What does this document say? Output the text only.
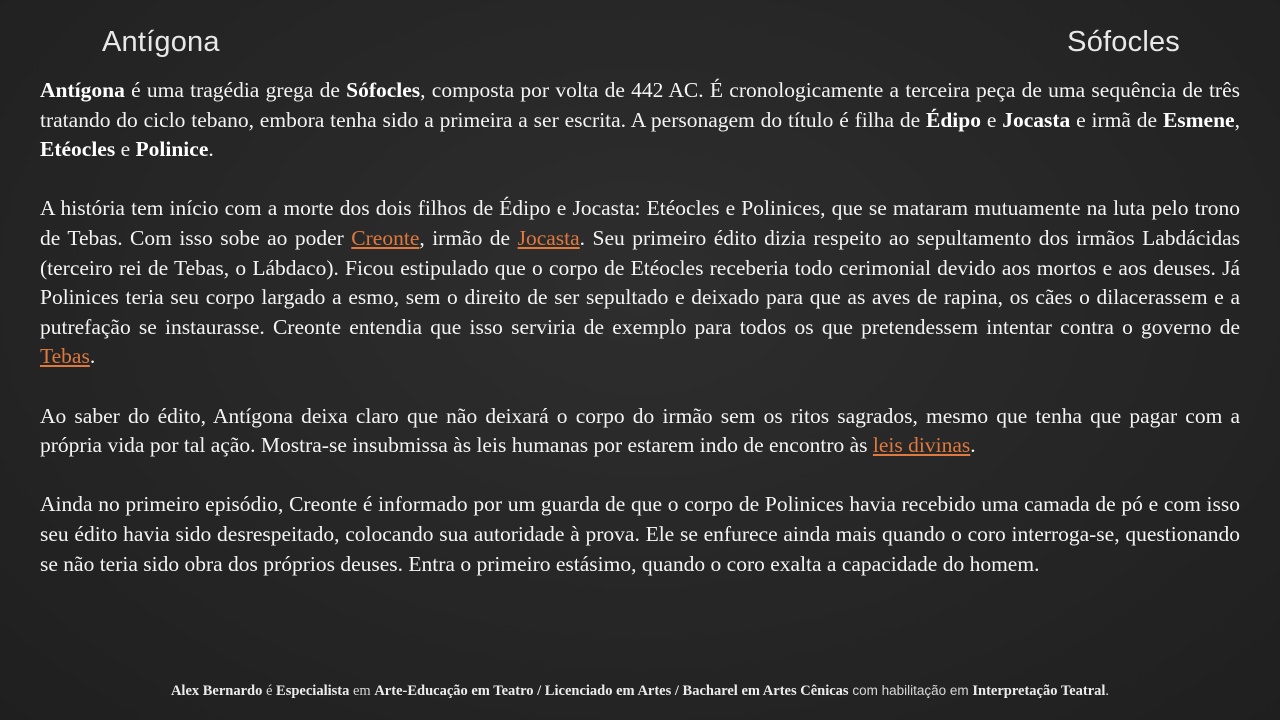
Antígona	Sófocles

Antígona é uma tragédia grega de Sófocles, composta por volta de 442 AC. É cronologicamente a terceira peça de uma sequência de três tratando do ciclo tebano, embora tenha sido a primeira a ser escrita. A personagem do título é filha de Édipo e Jocasta e irmã de Esmene, Etéocles e Polinice.

A história tem início com a morte dos dois filhos de Édipo e Jocasta: Etéocles e Polinices, que se mataram mutuamente na luta pelo trono de Tebas. Com isso sobe ao poder Creonte, irmão de Jocasta. Seu primeiro édito dizia respeito ao sepultamento dos irmãos Labdácidas (terceiro rei de Tebas, o Lábdaco). Ficou estipulado que o corpo de Etéocles receberia todo cerimonial devido aos mortos e aos deuses. Já Polinices teria seu corpo largado a esmo, sem o direito de ser sepultado e deixado para que as aves de rapina, os cães o dilacerassem e a putrefação se instaurasse. Creonte entendia que isso serviria de exemplo para todos os que pretendessem intentar contra o governo de Tebas.

Ao saber do édito, Antígona deixa claro que não deixará o corpo do irmão sem os ritos sagrados, mesmo que tenha que pagar com a própria vida por tal ação. Mostra-se insubmissa às leis humanas por estarem indo de encontro às leis divinas.

Ainda no primeiro episódio, Creonte é informado por um guarda de que o corpo de Polinices havia recebido uma camada de pó e com isso seu édito havia sido desrespeitado, colocando sua autoridade à prova. Ele se enfurece ainda mais quando o coro interroga-se, questionando se não teria sido obra dos próprios deuses. Entra o primeiro estásimo, quando o coro exalta a capacidade do homem.

Alex Bernardo é Especialista em Arte-Educação em Teatro / Licenciado em Artes / Bacharel em Artes Cênicas com habilitação em Interpretação Teatral.
